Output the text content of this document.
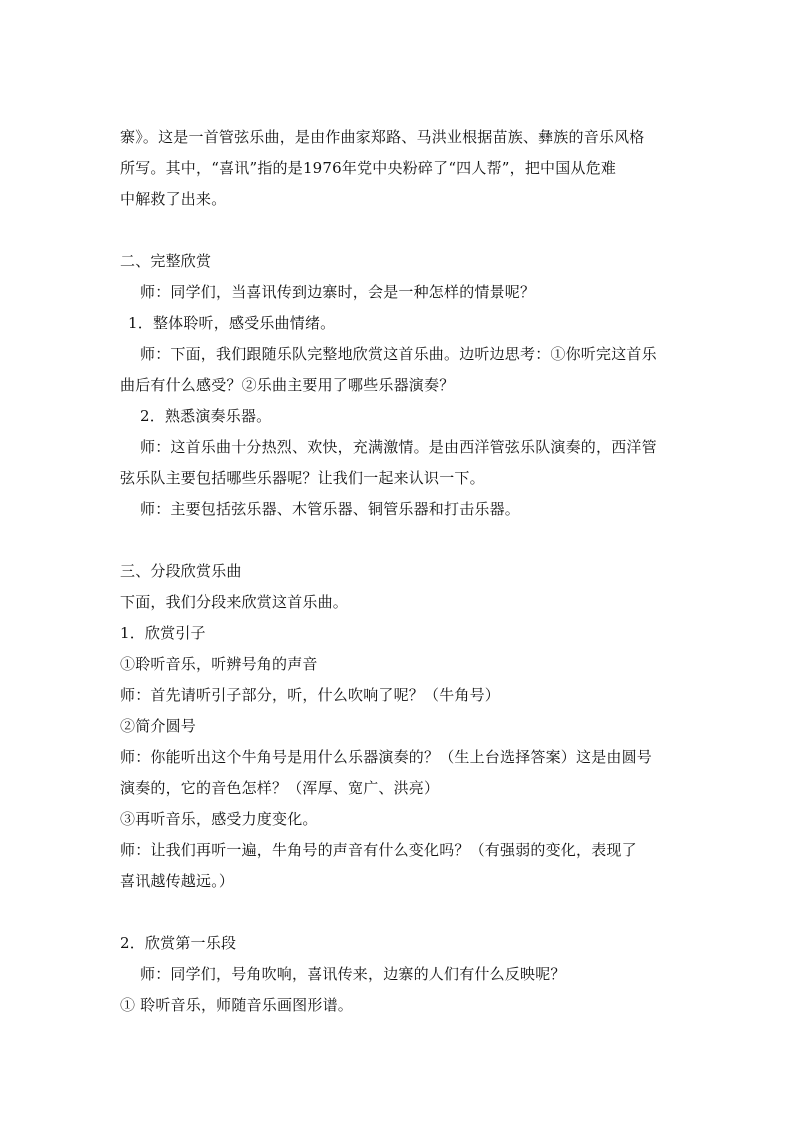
寨》。这是一首管弦乐曲，是由作曲家郑路、马洪业根据苗族、彝族的音乐风格
所写。其中，“喜讯”指的是1976年党中央粉碎了“四人帮”，把中国从危难
中解救了出来。
二、完整欣赏
师：同学们，当喜讯传到边寨时，会是一种怎样的情景呢？
1．整体聆听，感受乐曲情绪。
师：下面，我们跟随乐队完整地欣赏这首乐曲。边听边思考：①你听完这首乐
曲后有什么感受？②乐曲主要用了哪些乐器演奏？
2．熟悉演奏乐器。
师：这首乐曲十分热烈、欢快，充满激情。是由西洋管弦乐队演奏的，西洋管
弦乐队主要包括哪些乐器呢？让我们一起来认识一下。
师：主要包括弦乐器、木管乐器、铜管乐器和打击乐器。
三、分段欣赏乐曲
下面，我们分段来欣赏这首乐曲。
1．欣赏引子
①聆听音乐，听辨号角的声音
师：首先请听引子部分，听，什么吹响了呢？（牛角号）
②简介圆号
师：你能听出这个牛角号是用什么乐器演奏的？（生上台选择答案）这是由圆号
演奏的，它的音色怎样？（浑厚、宽广、洪亮）
③再听音乐，感受力度变化。
师：让我们再听一遍，牛角号的声音有什么变化吗？（有强弱的变化，表现了
喜讯越传越远。）
2．欣赏第一乐段
师：同学们，号角吹响，喜讯传来，边寨的人们有什么反映呢？
① 聆听音乐，师随音乐画图形谱。
